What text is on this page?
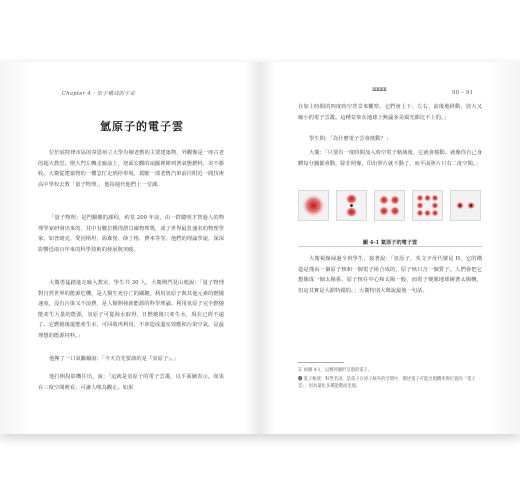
Chapter 4 ‧ 原子構成的宇宙
氫原子的電子雲
位於底特律市區的韋恩州立大學有棟老舊的主要建築物，外觀像是一座古老的超大教堂。燈大門左轉走廊前上，迎面宏觀的扇擺裡陣列著氣態燃料，美不勝收。大衛從建築物的一樓急忙走到停車場，駕駛一部老舊汽車前往附近一間技術高中學校去教「量子物理」，他每週代他們上一堂課。
「量子物理」是門艱難的課程，約莫 200 年前，由一群聰明才智過人的物理學家研發出來的，其中有數位獲得諾貝爾物理獎，成了世界最負盛名的物理學家，如普朗克、愛因斯坦、海森堡、薛丁格、費米等等。他們的理論學說，深深影響近兩百年來的科學技術的發展與突破。
大衛勇猛踏進走廊入教室，學生共 30 人，大衛開門見山地說：「量子物理對自然世界的能源危機，是人類生死存亡的關鍵。利用氫原子與其他元素的燃燒速度，沒有污染又不浪費，是人類開發新能源的科學理論。利用氫原子完全燃燒能產生大量的能源，氫原子可從海水取得，且燃燒後只產生水，現在已經不遠了。它燃燒後還能產生水，可回收再利用，不會造成溫室效應和污染空氣，是最理想的能源材料。」
他換了一口氣繼續說：「今天首先要談的是『氫原子』。」
他打開投影機往出，說：「這就是氫原子的電子雲叢，以平面圖表示。如果在三度空間裡看，可讓人嘆為觀止。如果
ıııııııııı	90 – 91
在加上時間的四度時空背景來觀察，它們會上下、左右、前後地移動、放大又縮小的電子雲叢。這種景象在地球上無論多美風光都比不上的。」
學生問：「為什麼電子雲會搖動？」
大衛：「只要有一度時間加入時空電子軌域後，它就會搖動。就像你自己身體每分鐘都會動，除非照像，印出照片就不動了，而平面照片只有二度空間。」
圖 4-1 氫原子的電子雲
大衛視線掃過全班學生，接著說：「氫原子，英文字母代號是 H，它的構造是僅由一個原子核和一個電子組合成的，原子核只含一個質子。人們會把它想像成一個太陽系，原子核在中心和太陽一般，而電子便像地球繞著太陽轉，但這其實是大錯特錯的。」大衛特別大聲說最後一句話。
註 如圖 4-1，以幾何圖形呈現的電子。
❷ 電子軌域：科學名詞，是電子在原子核外的空間中，描述電子可能出現機率與位置的「電子雲」，因為量化多種能階而出現。
